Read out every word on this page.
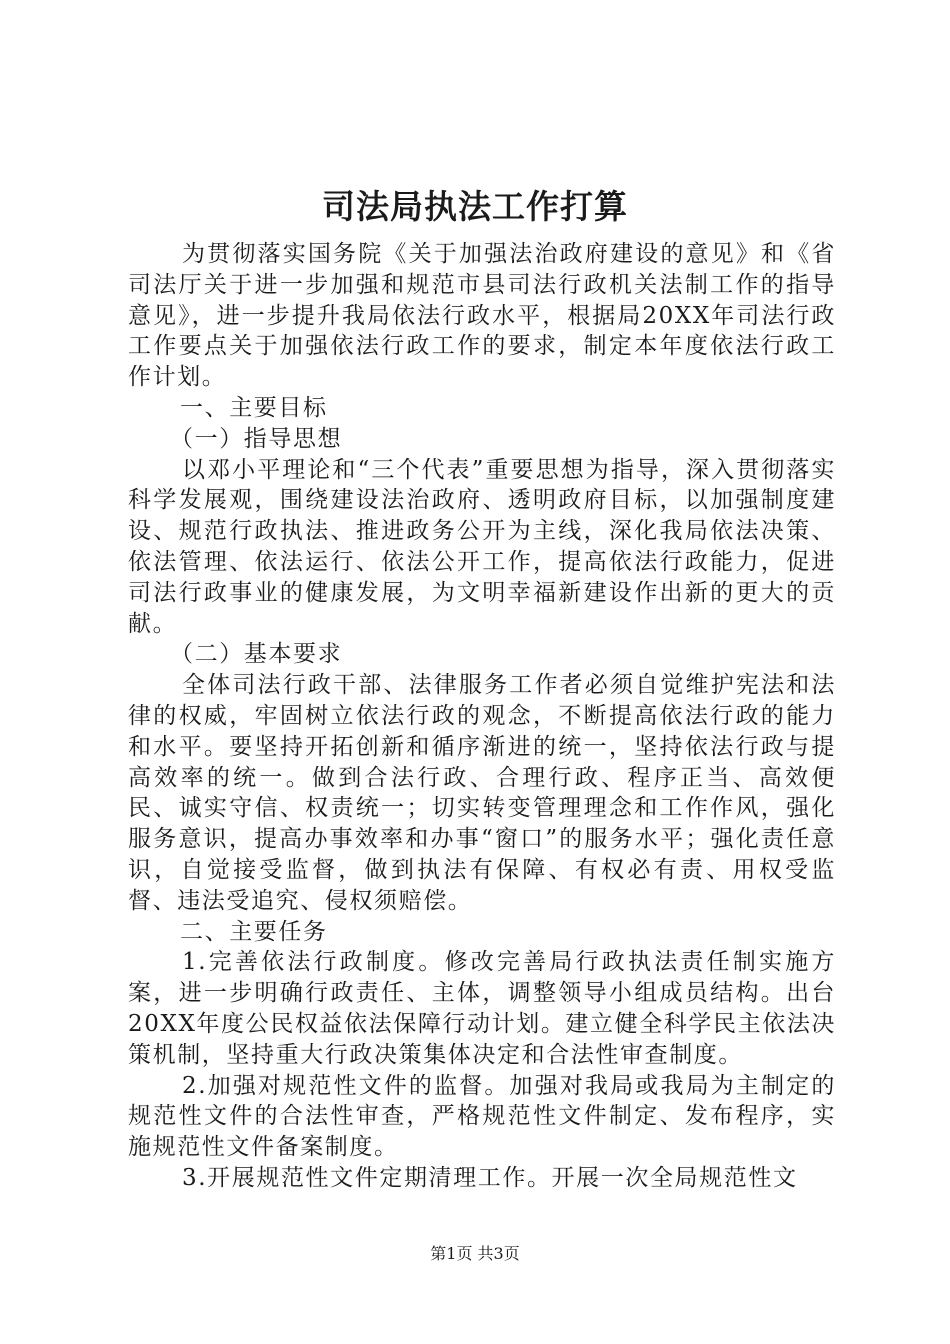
司法局执法工作打算

为贯彻落实国务院《关于加强法治政府建设的意见》和《省司法厅关于进一步加强和规范市县司法行政机关法制工作的指导意见》，进一步提升我局依法行政水平，根据局20XX年司法行政工作要点关于加强依法行政工作的要求，制定本年度依法行政工作计划。

一、主要目标

（一）指导思想

以邓小平理论和“三个代表”重要思想为指导，深入贯彻落实科学发展观，围绕建设法治政府、透明政府目标，以加强制度建设、规范行政执法、推进政务公开为主线，深化我局依法决策、依法管理、依法运行、依法公开工作，提高依法行政能力，促进司法行政事业的健康发展，为文明幸福新建设作出新的更大的贡献。

（二）基本要求

全体司法行政干部、法律服务工作者必须自觉维护宪法和法律的权威，牢固树立依法行政的观念，不断提高依法行政的能力和水平。要坚持开拓创新和循序渐进的统一，坚持依法行政与提高效率的统一。做到合法行政、合理行政、程序正当、高效便民、诚实守信、权责统一；切实转变管理理念和工作作风，强化服务意识，提高办事效率和办事“窗口”的服务水平；强化责任意识，自觉接受监督，做到执法有保障、有权必有责、用权受监督、违法受追究、侵权须赔偿。

二、主要任务

1.完善依法行政制度。修改完善局行政执法责任制实施方案，进一步明确行政责任、主体，调整领导小组成员结构。出台20XX年度公民权益依法保障行动计划。建立健全科学民主依法决策机制，坚持重大行政决策集体决定和合法性审查制度。

2.加强对规范性文件的监督。加强对我局或我局为主制定的规范性文件的合法性审查，严格规范性文件制定、发布程序，实施规范性文件备案制度。

3.开展规范性文件定期清理工作。开展一次全局规范性文

第1页 共3页
